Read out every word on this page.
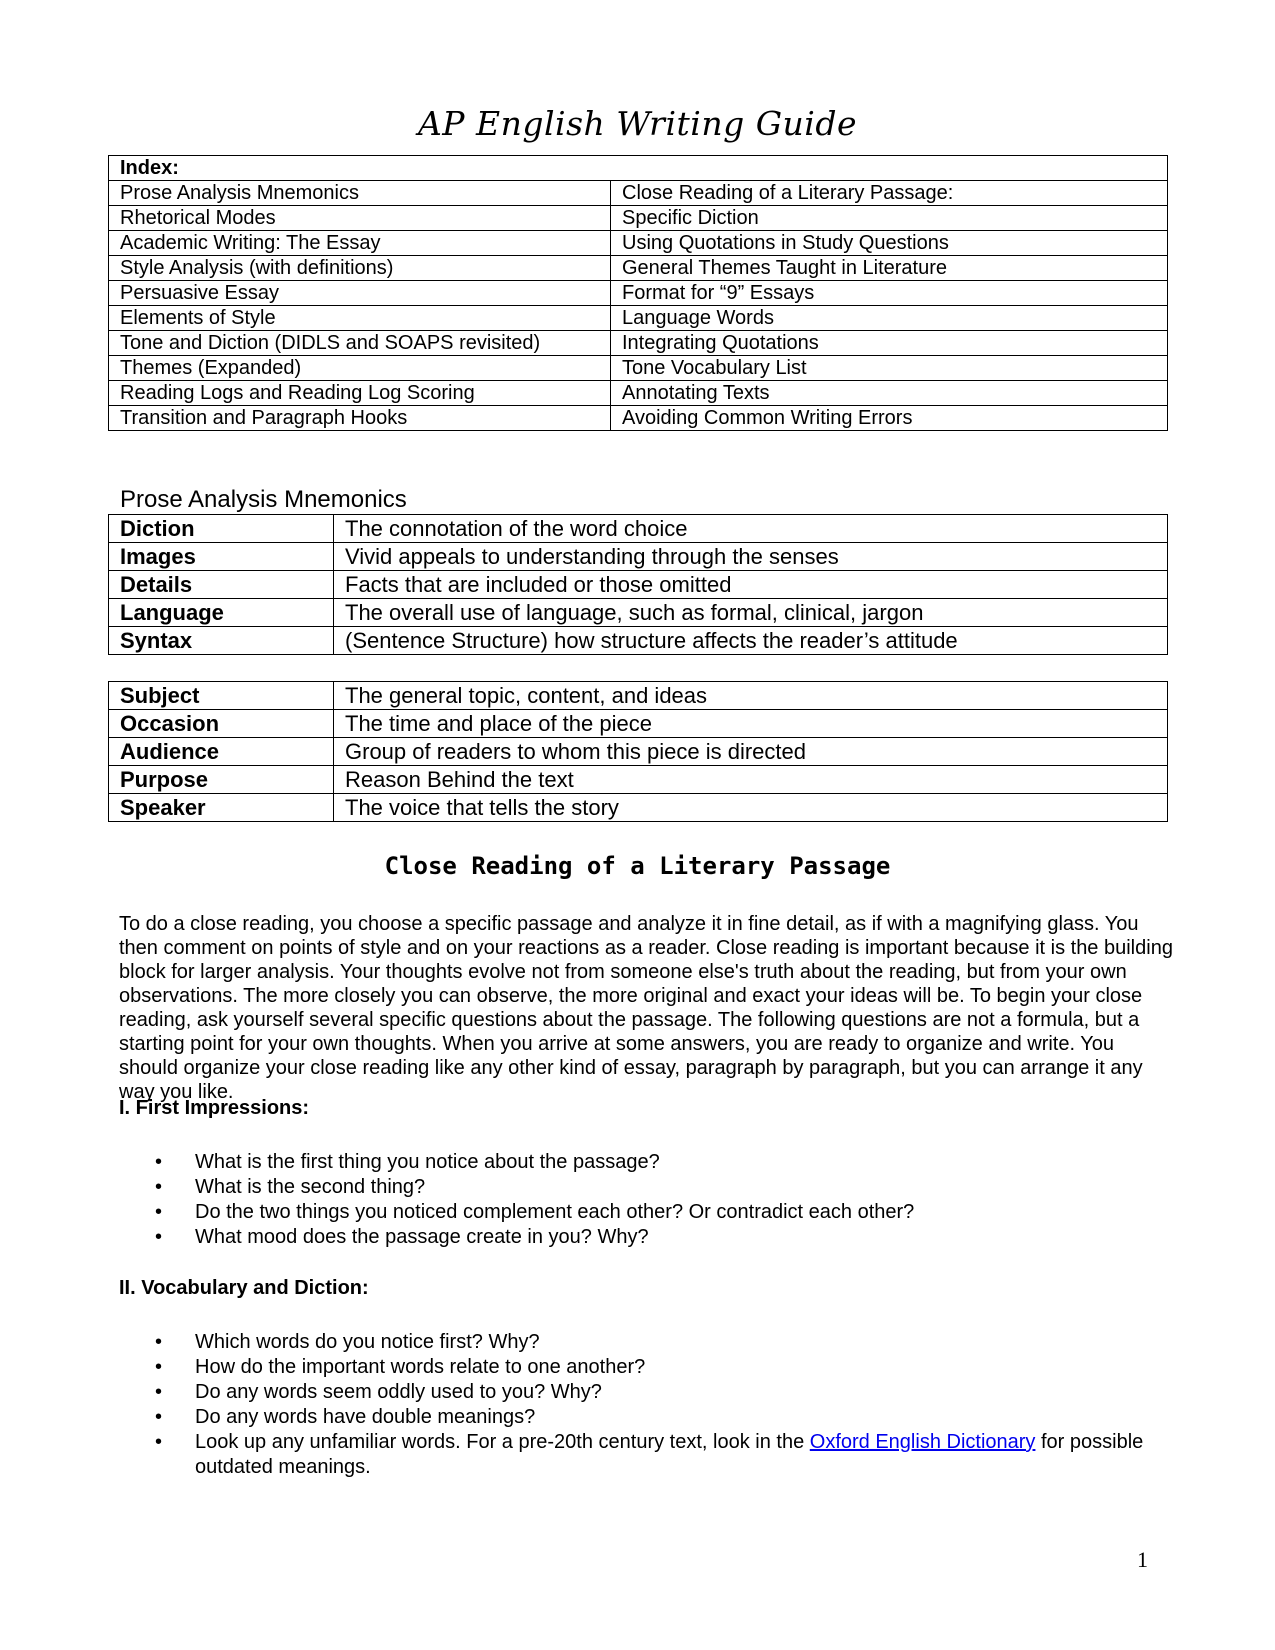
AP English Writing Guide
Index:	
Prose Analysis Mnemonics	Close Reading of a Literary Passage:
Rhetorical Modes	Specific Diction
Academic Writing: The Essay	Using Quotations in Study Questions
Style Analysis (with definitions)	General Themes Taught in Literature
Persuasive Essay	Format for “9” Essays
Elements of Style	Language Words
Tone and Diction (DIDLS and SOAPS revisited)	Integrating Quotations
Themes (Expanded)	Tone Vocabulary List
Reading Logs and Reading Log Scoring	Annotating Texts
Transition and Paragraph Hooks	Avoiding Common Writing Errors
Prose Analysis Mnemonics
Diction	The connotation of the word choice
Images	Vivid appeals to understanding through the senses
Details	Facts that are included or those omitted
Language	The overall use of language, such as formal, clinical, jargon
Syntax	(Sentence Structure) how structure affects the reader’s attitude
Subject	The general topic, content, and ideas
Occasion	The time and place of the piece
Audience	Group of readers to whom this piece is directed
Purpose	Reason Behind the text
Speaker	The voice that tells the story
Close Reading of a Literary Passage

To do a close reading, you choose a specific passage and analyze it in fine detail, as if with a magnifying glass. You then comment on points of style and on your reactions as a reader. Close reading is important because it is the building block for larger analysis. Your thoughts evolve not from someone else's truth about the reading, but from your own observations. The more closely you can observe, the more original and exact your ideas will be. To begin your close reading, ask yourself several specific questions about the passage. The following questions are not a formula, but a starting point for your own thoughts. When you arrive at some answers, you are ready to organize and write. You should organize your close reading like any other kind of essay, paragraph by paragraph, but you can arrange it any way you like.

I. First Impressions:

• What is the first thing you notice about the passage?
• What is the second thing?
• Do the two things you noticed complement each other? Or contradict each other?
• What mood does the passage create in you? Why?

II. Vocabulary and Diction:

• Which words do you notice first? Why?
• How do the important words relate to one another?
• Do any words seem oddly used to you? Why?
• Do any words have double meanings?
• Look up any unfamiliar words. For a pre-20th century text, look in the Oxford English Dictionary for possible outdated meanings.
1
